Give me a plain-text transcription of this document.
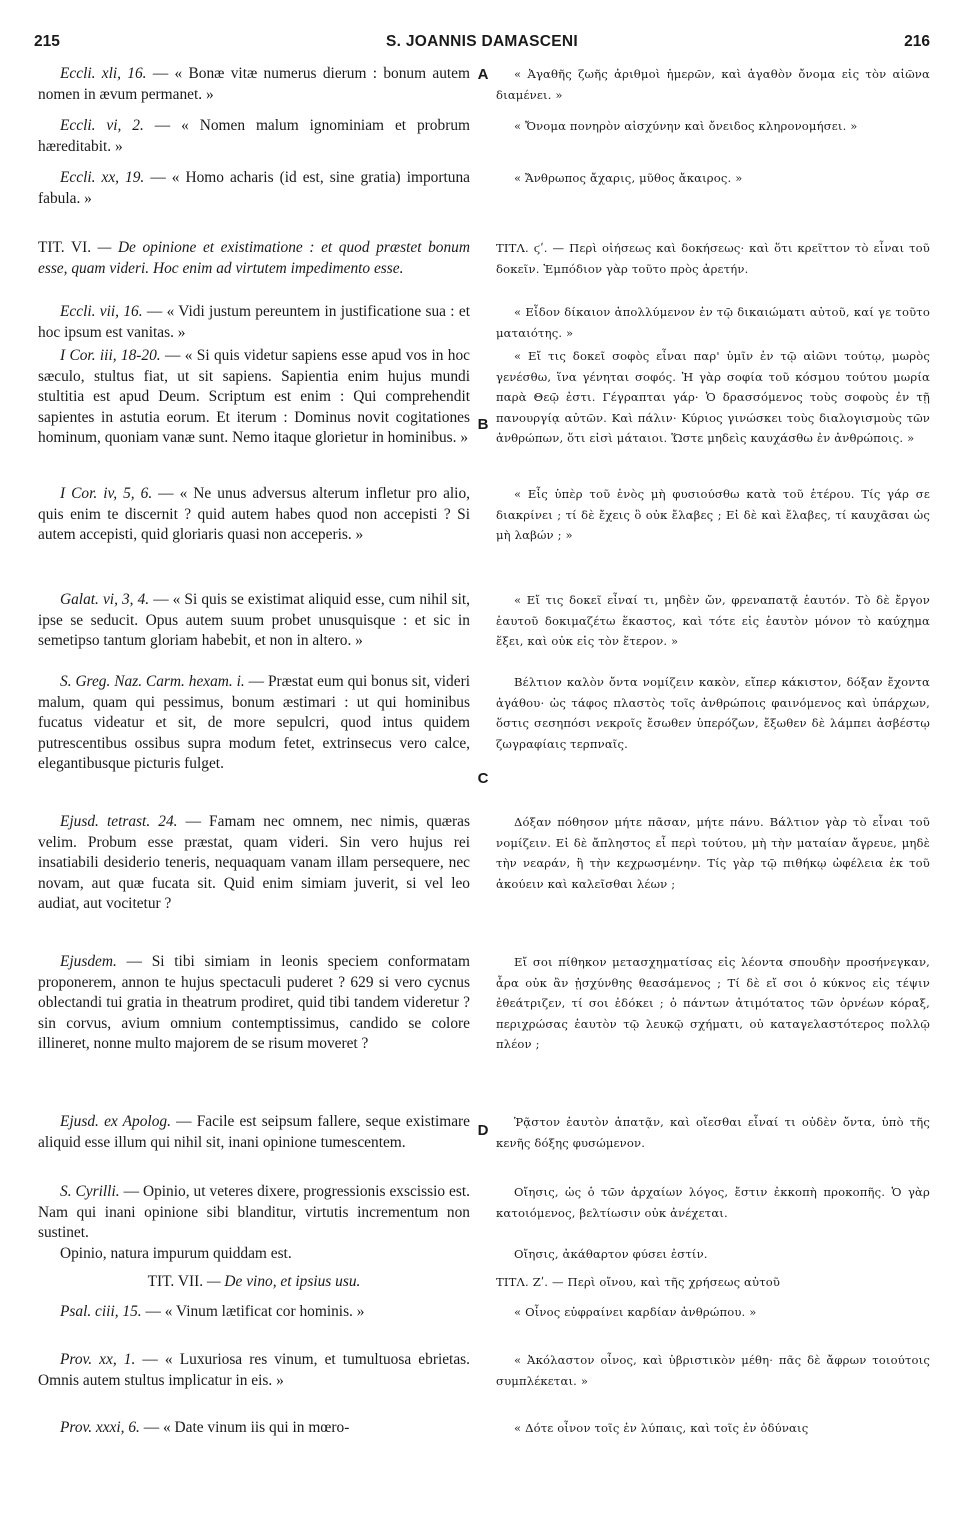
215	S. JOANNIS DAMASCENI	216
Eccli. xli, 16. — « Bonæ vitæ numerus dierum : bonum autem nomen in ævum permanet. »
Eccli. vi, 2. — « Nomen malum ignominiam et probrum hæreditabit. »
Eccli. xx, 19. — « Homo acharis (id est, sine gratia) importuna fabula. »
TIT. VI. — De opinione et existimatione : et quod præstet bonum esse, quam videri. Hoc enim ad virtutem impedimento esse.
Eccli. vii, 16. — « Vidi justum pereuntem in justificatione sua : et hoc ipsum est vanitas. »
I Cor. iii, 18-20. — « Si quis videtur sapiens esse apud vos in hoc sæculo, stultus fiat, ut sit sapiens. Sapientia enim hujus mundi stultitia est apud Deum. Scriptum est enim : Qui comprehendit sapientes in astutia eorum. Et iterum : Dominus novit cogitationes hominum, quoniam vanæ sunt. Nemo itaque glorietur in hominibus. »
I Cor. iv, 5, 6. — « Ne unus adversus alterum infletur pro alio, quis enim te discernit ? quid autem habes quod non accepisti ? Si autem accepisti, quid gloriaris quasi non acceperis. »
Galat. vi, 3, 4. — « Si quis se existimat aliquid esse, cum nihil sit, ipse se seducit. Opus autem suum probet unusquisque : et sic in semetipso tantum gloriam habebit, et non in altero. »
S. Greg. Naz. Carm. hexam. i. — Præstat eum qui bonus sit, videri malum, quam qui pessimus, bonum æstimari : ut qui hominibus fucatus videatur et sit, de more sepulcri, quod intus quidem putrescentibus ossibus supra modum fetet, extrinsecus vero calce, elegantibusque picturis fulget.
Ejusd. tetrast. 24. — Famam nec omnem, nec nimis, quæras velim. Probum esse præstat, quam videri. Sin vero hujus rei insatiabili desiderio teneris, nequaquam vanam illam persequere, nec novam, aut quæ fucata sit. Quid enim simiam juverit, si vel leo audiat, aut vocitetur ?
Ejusdem. — Si tibi simiam in leonis speciem conformatam proponerem, annon te hujus spectaculi puderet ? 629 si vero cycnus oblectandi tui gratia in theatrum prodiret, quid tibi tandem videretur ? sin corvus, avium omnium contemptissimus, candido se colore illineret, nonne multo majorem de se risum moveret ?
Ejusd. ex Apolog. — Facile est seipsum fallere, seque existimare aliquid esse illum qui nihil sit, inani opinione tumescentem.
S. Cyrilli. — Opinio, ut veteres dixere, progressionis exscissio est. Nam qui inani opinione sibi blanditur, virtutis incrementum non sustinet.
Opinio, natura impurum quiddam est.
TIT. VII. — De vino, et ipsius usu.
Psal. ciii, 15. — « Vinum lætificat cor hominis. »
Prov. xx, 1. — « Luxuriosa res vinum, et tumultuosa ebrietas. Omnis autem stultus implicatur in eis. »
Prov. xxxi, 6. — « Date vinum iis qui in mœro-
A
B
C
D
« Ἀγαθῆς ζωῆς ἀριθμοὶ ἡμερῶν, καὶ ἀγαθὸν ὄνομα εἰς τὸν αἰῶνα διαμένει. »
« Ὄνομα πονηρὸν αἰσχύνην καὶ ὄνειδος κληρονομήσει. »
« Ἄνθρωπος ἄχαρις, μῦθος ἄκαιρος. »
ΤΙΤΛ. ϛʹ. — Περὶ οἰήσεως καὶ δοκήσεως· καὶ ὅτι κρεῖττον τὸ εἶναι τοῦ δοκεῖν. Ἐμπόδιον γὰρ τοῦτο πρὸς ἀρετήν.
« Εἶδον δίκαιον ἀπολλύμενον ἐν τῷ δικαιώματι αὐτοῦ, καί γε τοῦτο ματαιότης. »
« Εἴ τις δοκεῖ σοφὸς εἶναι παρ' ὑμῖν ἐν τῷ αἰῶνι τούτῳ, μωρὸς γενέσθω, ἵνα γένηται σοφός. Ἡ γὰρ σοφία τοῦ κόσμου τούτου μωρία παρὰ Θεῷ ἐστι. Γέγραπται γάρ· Ὁ δρασσόμενος τοὺς σοφοὺς ἐν τῇ πανουργίᾳ αὐτῶν. Καὶ πάλιν· Κύριος γινώσκει τοὺς διαλογισμοὺς τῶν ἀνθρώπων, ὅτι εἰσὶ μάταιοι. Ὥστε μηδεὶς καυχάσθω ἐν ἀνθρώποις. »
« Εἷς ὑπὲρ τοῦ ἑνὸς μὴ φυσιούσθω κατὰ τοῦ ἑτέρου. Τίς γάρ σε διακρίνει ; τί δὲ ἔχεις ὃ οὐκ ἔλαβες ; Εἰ δὲ καὶ ἔλαβες, τί καυχᾶσαι ὡς μὴ λαβών ; »
« Εἴ τις δοκεῖ εἶναί τι, μηδὲν ὤν, φρεναπατᾷ ἑαυτόν. Τὸ δὲ ἔργον ἑαυτοῦ δοκιμαζέτω ἕκαστος, καὶ τότε εἰς ἑαυτὸν μόνον τὸ καύχημα ἕξει, καὶ οὐκ εἰς τὸν ἕτερον. »
Βέλτιον καλὸν ὄντα νομίζειν κακὸν, εἴπερ κάκιστον, δόξαν ἔχοντα ἀγάθου· ὡς τάφος πλαστὸς τοῖς ἀνθρώποις φαινόμενος καὶ ὑπάρχων, ὅστις σεσηπόσι νεκροῖς ἔσωθεν ὑπερόζων, ἔξωθεν δὲ λάμπει ἀσβέστῳ ζωγραφίαις τερπναῖς.
Δόξαν πόθησον μήτε πᾶσαν, μήτε πάνυ. Βάλτιον γὰρ τὸ εἶναι τοῦ νομίζειν. Εἰ δὲ ἄπληστος εἶ περὶ τούτου, μὴ τὴν ματαίαν ἄγρευε, μηδὲ τὴν νεαράν, ἢ τὴν κεχρωσμένην. Τίς γὰρ τῷ πιθήκῳ ὠφέλεια ἐκ τοῦ ἀκούειν καὶ καλεῖσθαι λέων ;
Εἴ σοι πίθηκον μετασχηματίσας εἰς λέοντα σπουδὴν προσήνεγκαν, ἆρα οὐκ ἂν ᾐσχύνθης θεασάμενος ; Τί δὲ εἴ σοι ὁ κύκνος εἰς τέψιν ἐθεάτριζεν, τί σοι ἐδόκει ; ὁ πάντων ἀτιμότατος τῶν ὀρνέων κόραξ, περιχρώσας ἑαυτὸν τῷ λευκῷ σχήματι, οὐ καταγελαστότερος πολλῷ πλέον ;
Ῥᾷστον ἑαυτὸν ἀπατᾷν, καὶ οἴεσθαι εἶναί τι οὐδὲν ὄντα, ὑπὸ τῆς κενῆς δόξης φυσώμενον.
Οἴησις, ὡς ὁ τῶν ἀρχαίων λόγος, ἔστιν ἐκκοπὴ προκοπῆς. Ὁ γὰρ κατοιόμενος, βελτίωσιν οὐκ ἀνέχεται.
Οἴησις, ἀκάθαρτον φύσει ἐστίν.
ΤΙΤΛ. Ζʹ. — Περὶ οἴνου, καὶ τῆς χρήσεως αὐτοῦ
« Οἶνος εὐφραίνει καρδίαν ἀνθρώπου. »
« Ἀκόλαστον οἶνος, καὶ ὑβριστικὸν μέθη· πᾶς δὲ ἄφρων τοιούτοις συμπλέκεται. »
« Δότε οἶνον τοῖς ἐν λύπαις, καὶ τοῖς ἐν ὀδύναις
